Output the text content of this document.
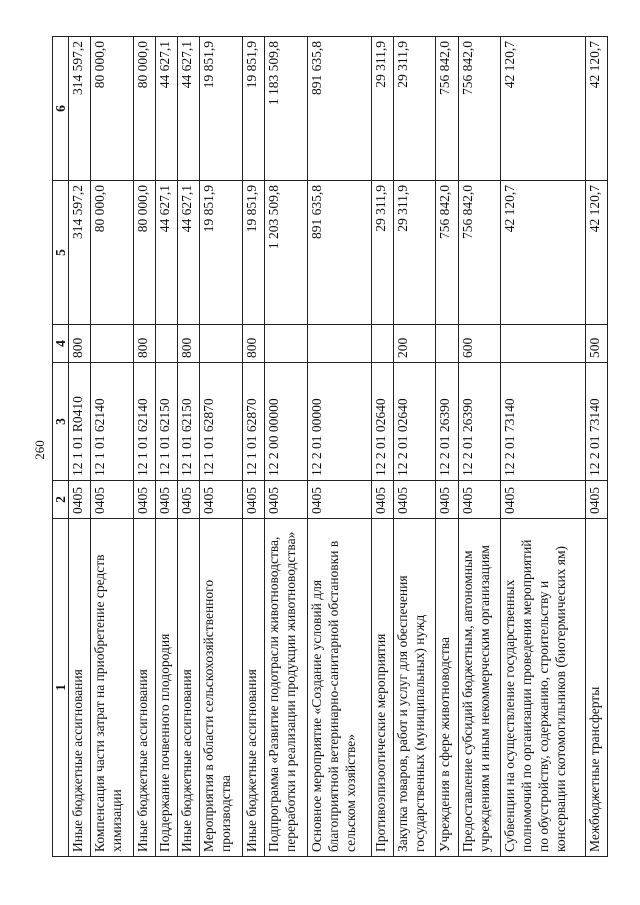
260
1	2	3	4	5	6
Иные бюджетные ассигнования	0405	12 1 01 R0410	800	314 597,2	314 597,2
Компенсация части затрат на приобретение средств химизации	0405	12 1 01 62140		80 000,0	80 000,0
Иные бюджетные ассигнования	0405	12 1 01 62140	800	80 000,0	80 000,0
Поддержание почвенного плодородия	0405	12 1 01 62150		44 627,1	44 627,1
Иные бюджетные ассигнования	0405	12 1 01 62150	800	44 627,1	44 627,1
Мероприятия в области сельскохозяйственного производства	0405	12 1 01 62870		19 851,9	19 851,9
Иные бюджетные ассигнования	0405	12 1 01 62870	800	19 851,9	19 851,9
Подпрограмма «Развитие подотрасли животноводства, переработки и реализации продукции животноводства»	0405	12 2 00 00000		1 203 509,8	1 183 509,8
Основное мероприятие «Создание условий для благоприятной ветеринарно-санитарной обстановки в сельском хозяйстве»	0405	12 2 01 00000		891 635,8	891 635,8
Противоэпизоотические мероприятия	0405	12 2 01 02640		29 311,9	29 311,9
Закупка товаров, работ и услуг для обеспечения государственных (муниципальных) нужд	0405	12 2 01 02640	200	29 311,9	29 311,9
Учреждения в сфере животноводства	0405	12 2 01 26390		756 842,0	756 842,0
Предоставление субсидий бюджетным, автономным учреждениям и иным некоммерческим организациям	0405	12 2 01 26390	600	756 842,0	756 842,0
Субвенции на осуществление государственных полномочий по организации проведения мероприятий по обустройству, содержанию, строительству и консервации скотомогильников (биотермических ям)	0405	12 2 01 73140		42 120,7	42 120,7
Межбюджетные трансферты	0405	12 2 01 73140	500	42 120,7	42 120,7
